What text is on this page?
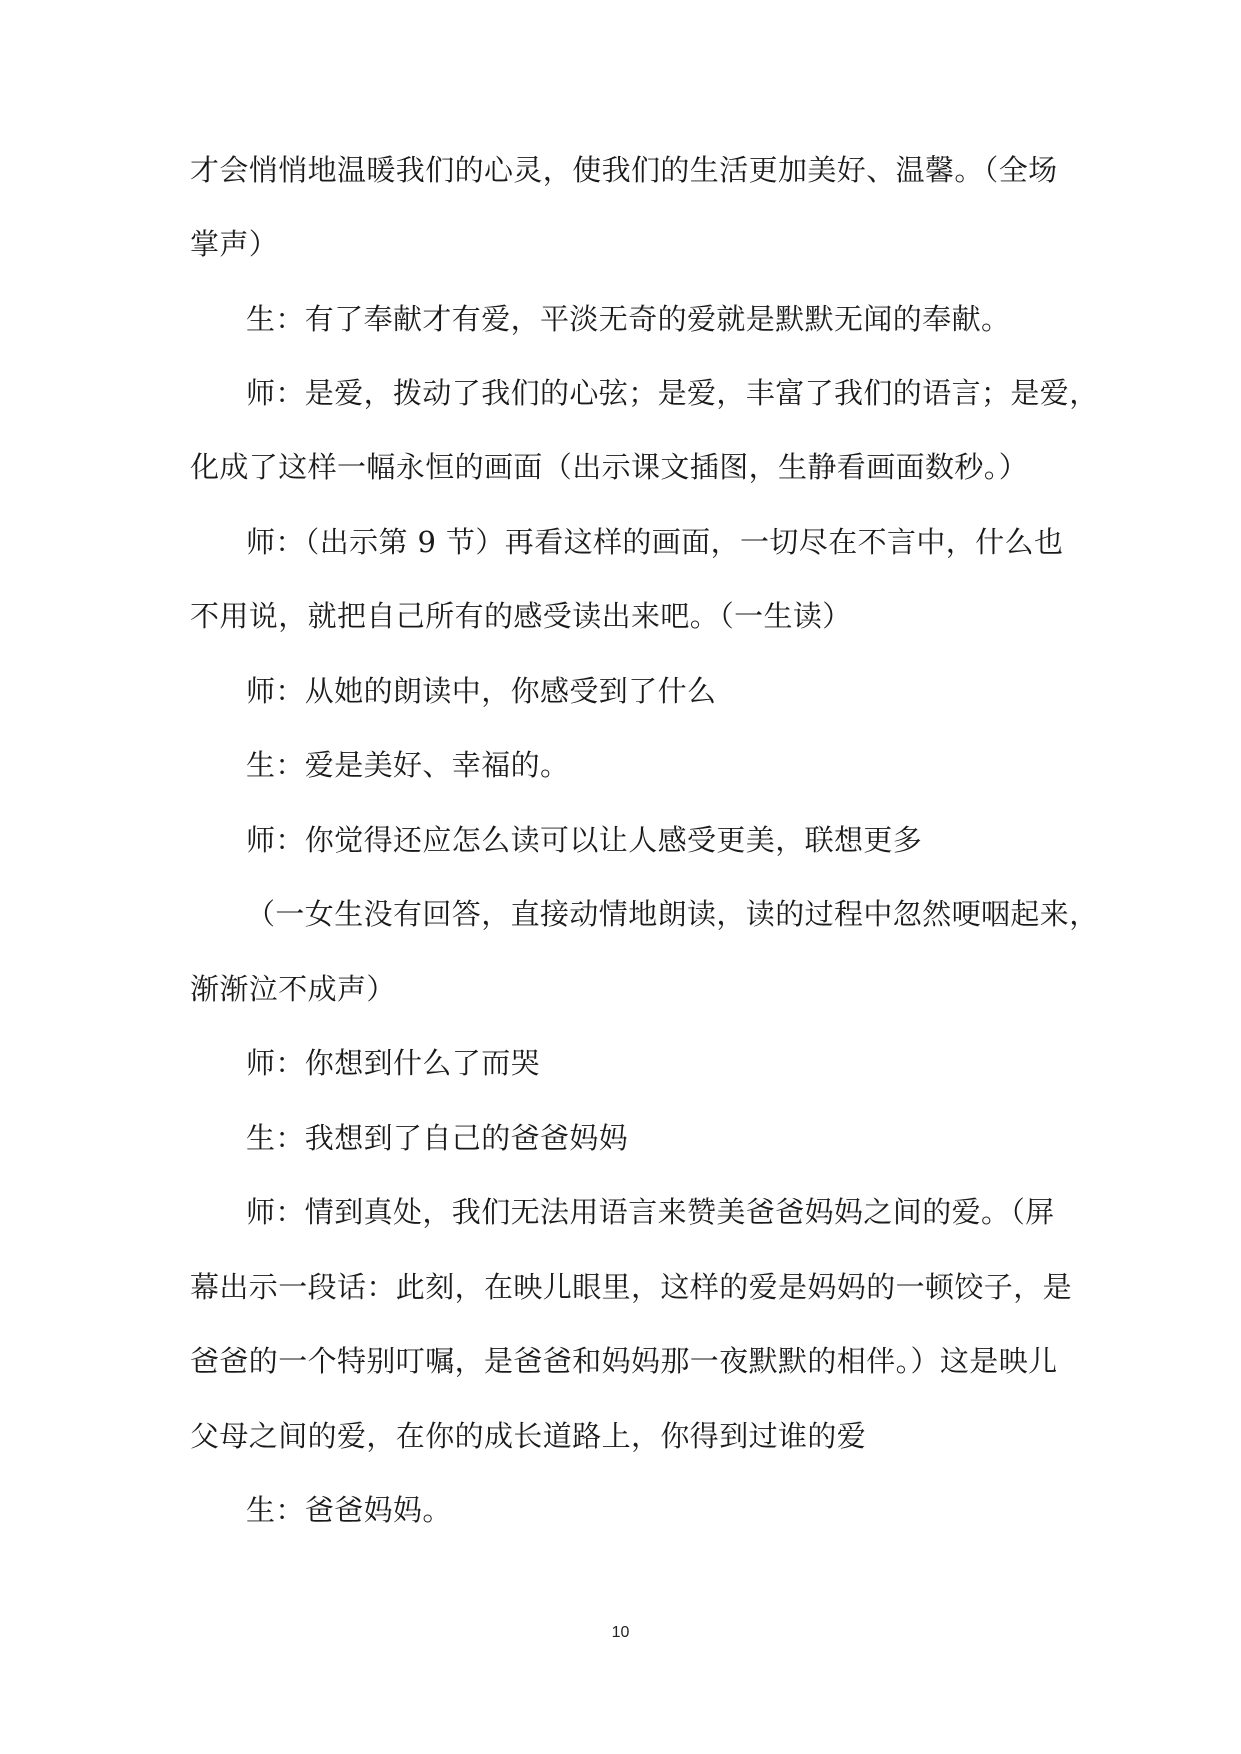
才会悄悄地温暖我们的心灵，使我们的生活更加美好、温馨。（全场
掌声）
生：有了奉献才有爱，平淡无奇的爱就是默默无闻的奉献。
师：是爱，拨动了我们的心弦；是爱，丰富了我们的语言；是爱，
化成了这样一幅永恒的画面（出示课文插图，生静看画面数秒。）
师：（出示第 9 节）再看这样的画面，一切尽在不言中，什么也
不用说，就把自己所有的感受读出来吧。（一生读）
师：从她的朗读中，你感受到了什么
生：爱是美好、幸福的。
师：你觉得还应怎么读可以让人感受更美，联想更多
（一女生没有回答，直接动情地朗读，读的过程中忽然哽咽起来，
渐渐泣不成声）
师：你想到什么了而哭
生：我想到了自己的爸爸妈妈
师：情到真处，我们无法用语言来赞美爸爸妈妈之间的爱。（屏
幕出示一段话：此刻，在映儿眼里，这样的爱是妈妈的一顿饺子，是
爸爸的一个特别叮嘱，是爸爸和妈妈那一夜默默的相伴。）这是映儿
父母之间的爱，在你的成长道路上，你得到过谁的爱
生：爸爸妈妈。
10
